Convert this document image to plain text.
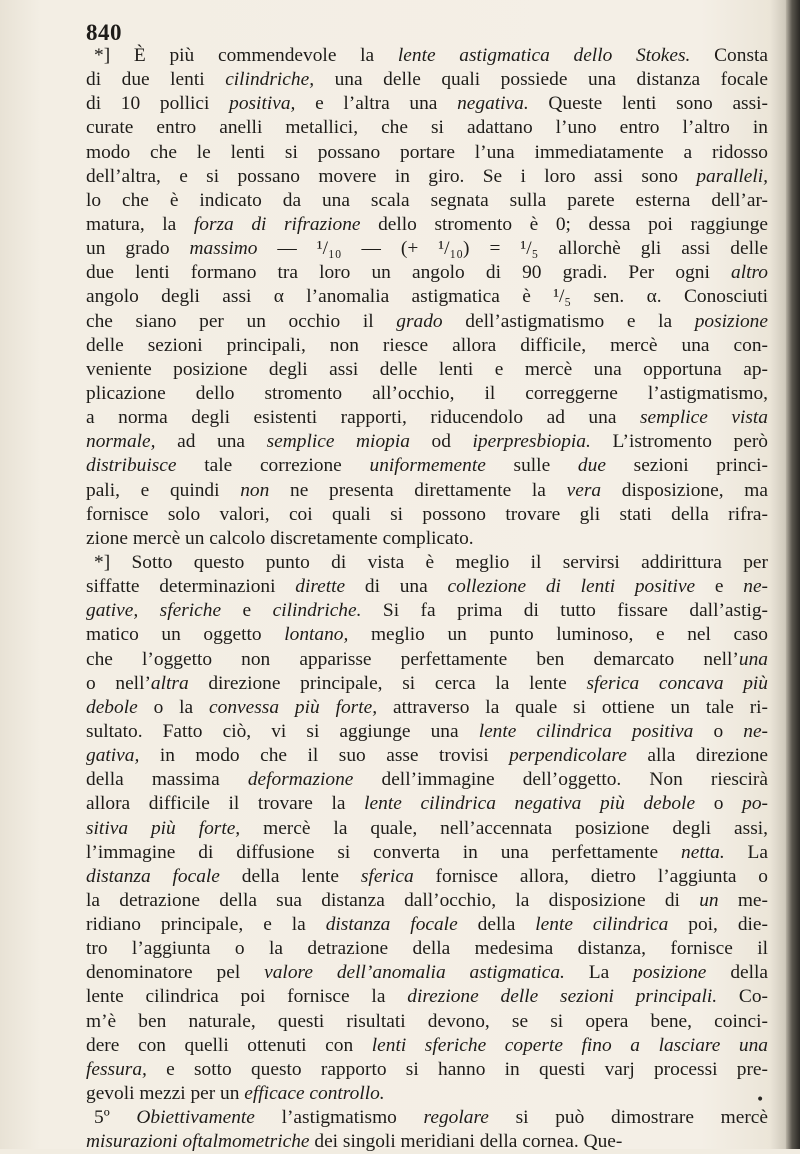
840
*] È più commendevole la lente astigmatica dello Stokes. Consta
di due lenti cilindriche, una delle quali possiede una distanza focale
di 10 pollici positiva, e l’altra una negativa. Queste lenti sono assi-
curate entro anelli metallici, che si adattano l’uno entro l’altro in
modo che le lenti si possano portare l’una immediatamente a ridosso
dell’altra, e si possano movere in giro. Se i loro assi sono paralleli,
lo che è indicato da una scala segnata sulla parete esterna dell’ar-
matura, la forza di rifrazione dello stromento è 0; dessa poi raggiunge
un grado massimo — ¹/₁₀ — (+ ¹/₁₀) = ¹/₅ allorchè gli assi delle
due lenti formano tra loro un angolo di 90 gradi. Per ogni altro
angolo degli assi α l’anomalia astigmatica è ¹/₅ sen. α. Conosciuti
che siano per un occhio il grado dell’astigmatismo e la posizione
delle sezioni principali, non riesce allora difficile, mercè una con-
veniente posizione degli assi delle lenti e mercè una opportuna ap-
plicazione dello stromento all’occhio, il correggerne l’astigmatismo,
a norma degli esistenti rapporti, riducendolo ad una semplice vista
normale, ad una semplice miopia od iperpresbiopia. L’istromento però
distribuisce tale correzione uniformemente sulle due sezioni princi-
pali, e quindi non ne presenta direttamente la vera disposizione, ma
fornisce solo valori, coi quali si possono trovare gli stati della rifra-
zione mercè un calcolo discretamente complicato.
*] Sotto questo punto di vista è meglio il servirsi addirittura per
siffatte determinazioni dirette di una collezione di lenti positive e ne-
gative, sferiche e cilindriche. Si fa prima di tutto fissare dall’astig-
matico un oggetto lontano, meglio un punto luminoso, e nel caso
che l’oggetto non apparisse perfettamente ben demarcato nell’una
o nell’altra direzione principale, si cerca la lente sferica concava più
debole o la convessa più forte, attraverso la quale si ottiene un tale ri-
sultato. Fatto ciò, vi si aggiunge una lente cilindrica positiva o ne-
gativa, in modo che il suo asse trovisi perpendicolare alla direzione
della massima deformazione dell’immagine dell’oggetto. Non riescirà
allora difficile il trovare la lente cilindrica negativa più debole o po-
sitiva più forte, mercè la quale, nell’accennata posizione degli assi,
l’immagine di diffusione si converta in una perfettamente netta. La
distanza focale della lente sferica fornisce allora, dietro l’aggiunta o
la detrazione della sua distanza dall’occhio, la disposizione di un me-
ridiano principale, e la distanza focale della lente cilindrica poi, die-
tro l’aggiunta o la detrazione della medesima distanza, fornisce il
denominatore pel valore dell’anomalia astigmatica. La posizione della
lente cilindrica poi fornisce la direzione delle sezioni principali. Co-
m’è ben naturale, questi risultati devono, se si opera bene, coinci-
dere con quelli ottenuti con lenti sferiche coperte fino a lasciare una
fessura, e sotto questo rapporto si hanno in questi varj processi pre-
gevoli mezzi per un efficace controllo.
5º Obiettivamente l’astigmatismo regolare si può dimostrare mercè
misurazioni oftalmometriche dei singoli meridiani della cornea. Que-
•
